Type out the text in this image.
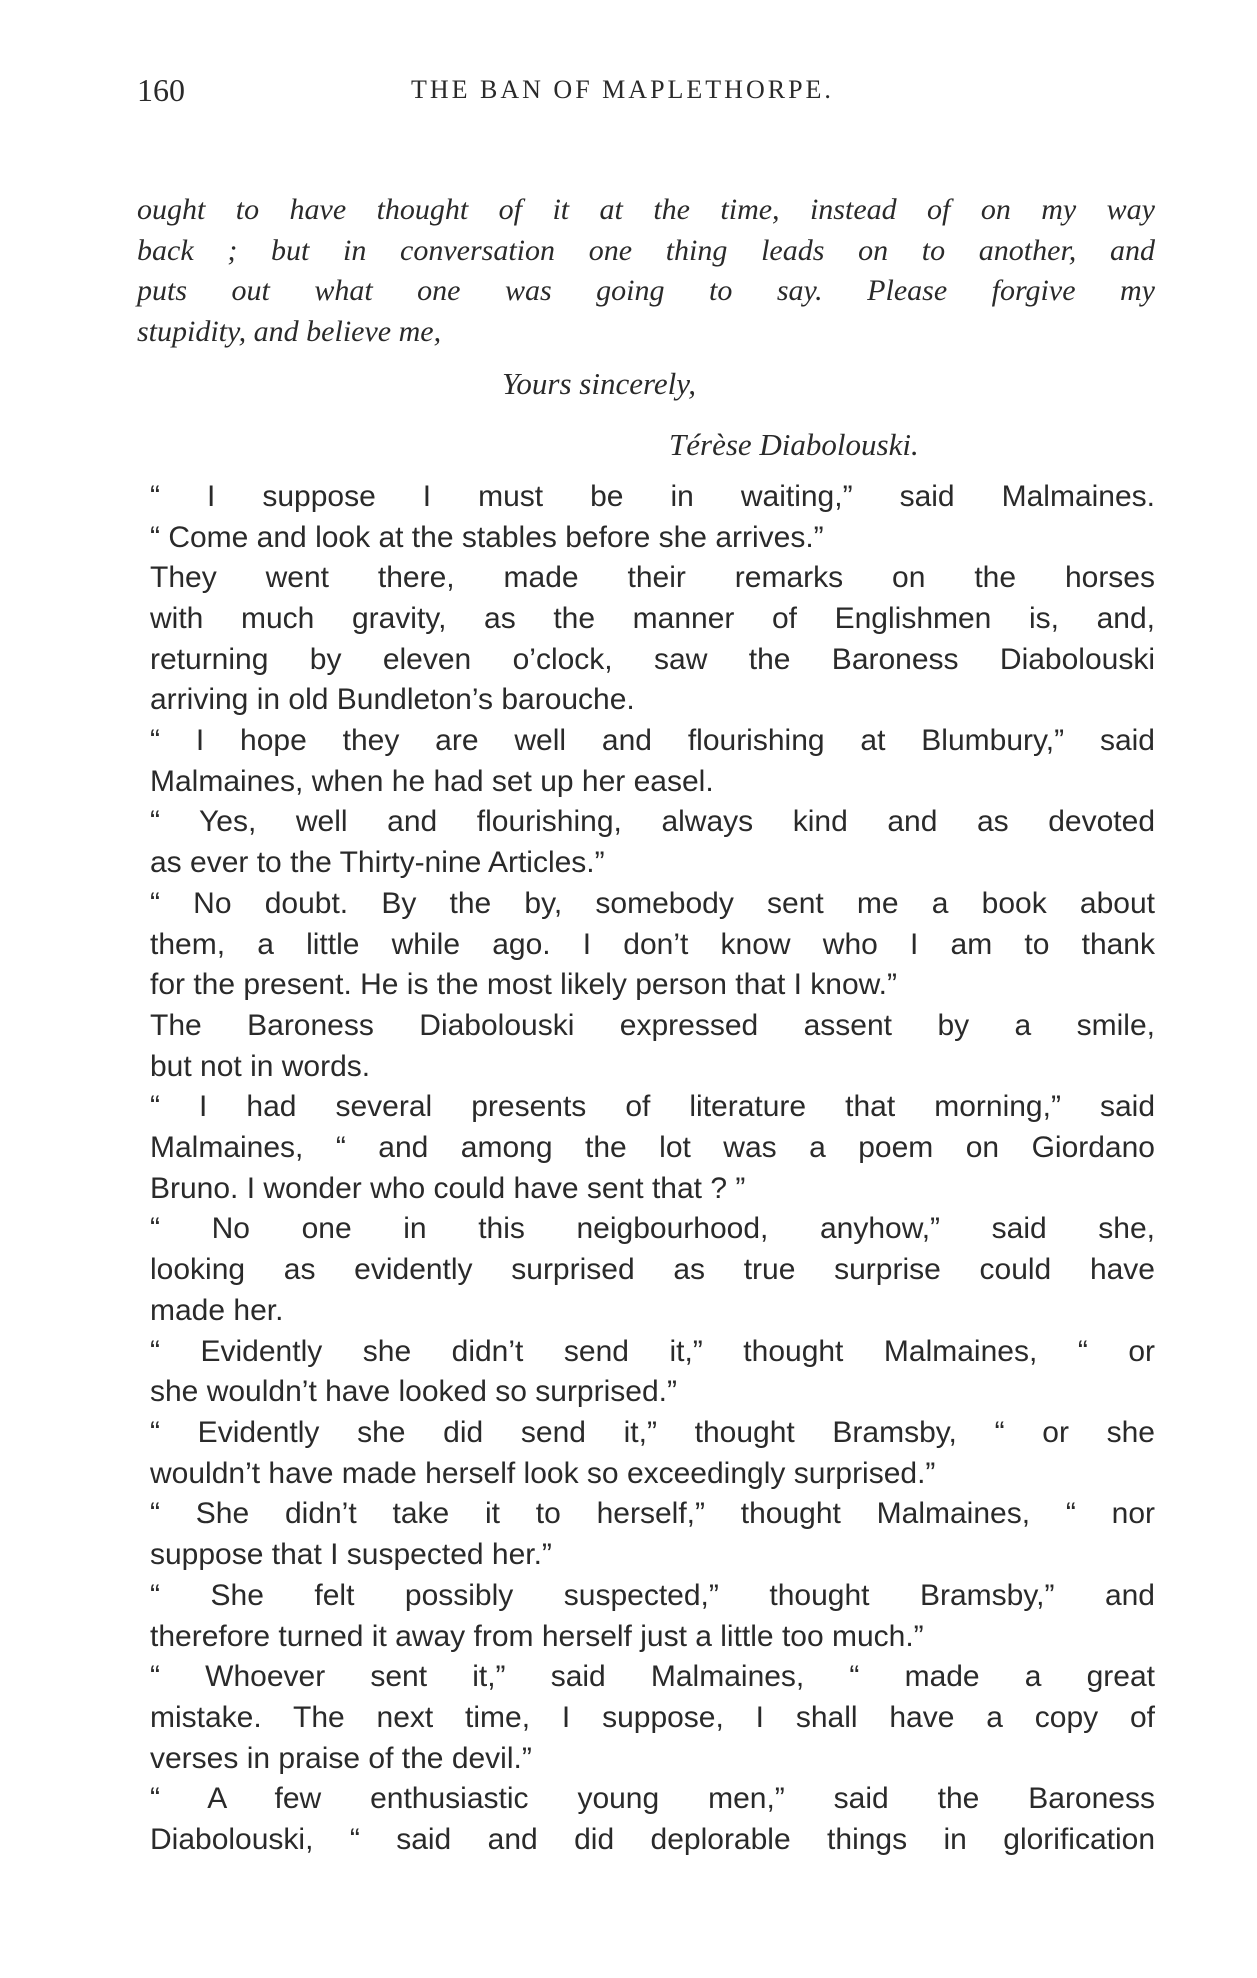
160	THE BAN OF MAPLETHORPE.
ought to have thought of it at the time, instead of on my way
back ; but in conversation one thing leads on to another, and
puts out what one was going to say. Please forgive my
stupidity, and believe me,
Yours sincerely,
Térèse Diabolouski.
“ I suppose I must be in waiting,” said Malmaines.
“ Come and look at the stables before she arrives.”
They went there, made their remarks on the horses
with much gravity, as the manner of Englishmen is, and,
returning by eleven o’clock, saw the Baroness Diabolouski
arriving in old Bundleton’s barouche.
“ I hope they are well and flourishing at Blumbury,” said
Malmaines, when he had set up her easel.
“ Yes, well and flourishing, always kind and as devoted
as ever to the Thirty-nine Articles.”
“ No doubt. By the by, somebody sent me a book about
them, a little while ago. I don’t know who I am to thank
for the present. He is the most likely person that I know.”
The Baroness Diabolouski expressed assent by a smile,
but not in words.
“ I had several presents of literature that morning,” said
Malmaines, “ and among the lot was a poem on Giordano
Bruno. I wonder who could have sent that ? ”
“ No one in this neigbourhood, anyhow,” said she,
looking as evidently surprised as true surprise could have
made her.
“ Evidently she didn’t send it,” thought Malmaines, “ or
she wouldn’t have looked so surprised.”
“ Evidently she did send it,” thought Bramsby, “ or she
wouldn’t have made herself look so exceedingly surprised.”
“ She didn’t take it to herself,” thought Malmaines, “ nor
suppose that I suspected her.”
“ She felt possibly suspected,” thought Bramsby,” and
therefore turned it away from herself just a little too much.”
“ Whoever sent it,” said Malmaines, “ made a great
mistake. The next time, I suppose, I shall have a copy of
verses in praise of the devil.”
“ A few enthusiastic young men,” said the Baroness
Diabolouski, “ said and did deplorable things in glorification
